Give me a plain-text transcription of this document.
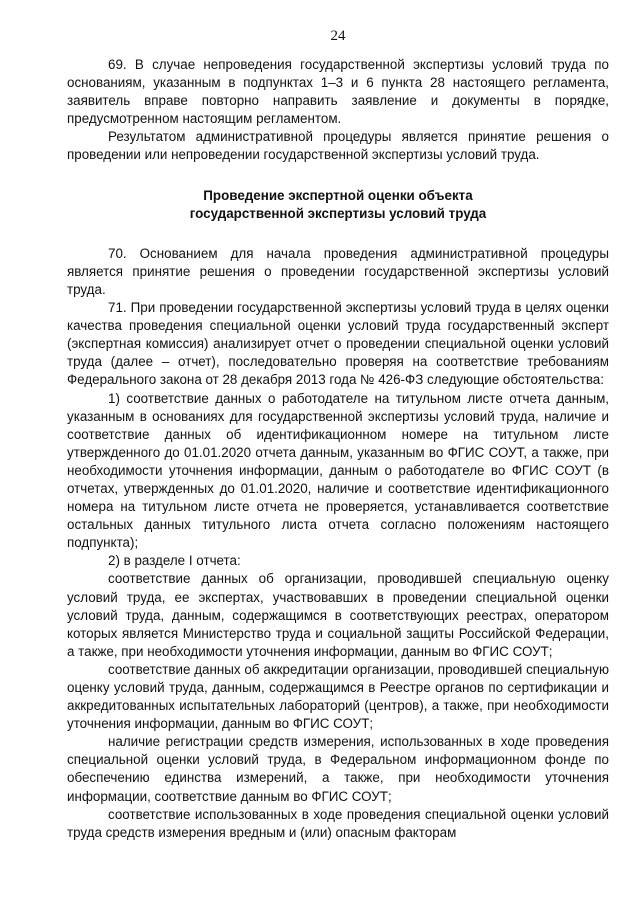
24

69. В случае непроведения государственной экспертизы условий труда по основаниям, указанным в подпунктах 1–3 и 6 пункта 28 настоящего регламента, заявитель вправе повторно направить заявление и документы в порядке, предусмотренном настоящим регламентом.

Результатом административной процедуры является принятие решения о проведении или непроведении государственной экспертизы условий труда.

Проведение экспертной оценки объекта
государственной экспертизы условий труда

70. Основанием для начала проведения административной процедуры является принятие решения о проведении государственной экспертизы условий труда.

71. При проведении государственной экспертизы условий труда в целях оценки качества проведения специальной оценки условий труда государственный эксперт (экспертная комиссия) анализирует отчет о проведении специальной оценки условий труда (далее – отчет), последовательно проверяя на соответствие требованиям Федерального закона от 28 декабря 2013 года № 426-ФЗ следующие обстоятельства:

1) соответствие данных о работодателе на титульном листе отчета данным, указанным в основаниях для государственной экспертизы условий труда, наличие и соответствие данных об идентификационном номере на титульном листе утвержденного до 01.01.2020 отчета данным, указанным во ФГИС СОУТ, а также, при необходимости уточнения информации, данным о работодателе во ФГИС СОУТ (в отчетах, утвержденных до 01.01.2020, наличие и соответствие идентификационного номера на титульном листе отчета не проверяется, устанавливается соответствие остальных данных титульного листа отчета согласно положениям настоящего подпункта);

2) в разделе I отчета:

соответствие данных об организации, проводившей специальную оценку условий труда, ее экспертах, участвовавших в проведении специальной оценки условий труда, данным, содержащимся в соответствующих реестрах, оператором которых является Министерство труда и социальной защиты Российской Федерации, а также, при необходимости уточнения информации, данным во ФГИС СОУТ;

соответствие данных об аккредитации организации, проводившей специальную оценку условий труда, данным, содержащимся в Реестре органов по сертификации и аккредитованных испытательных лабораторий (центров), а также, при необходимости уточнения информации, данным во ФГИС СОУТ;

наличие регистрации средств измерения, использованных в ходе проведения специальной оценки условий труда, в Федеральном информационном фонде по обеспечению единства измерений, а также, при необходимости уточнения информации, соответствие данным во ФГИС СОУТ;

соответствие использованных в ходе проведения специальной оценки условий труда средств измерения вредным и (или) опасным факторам
